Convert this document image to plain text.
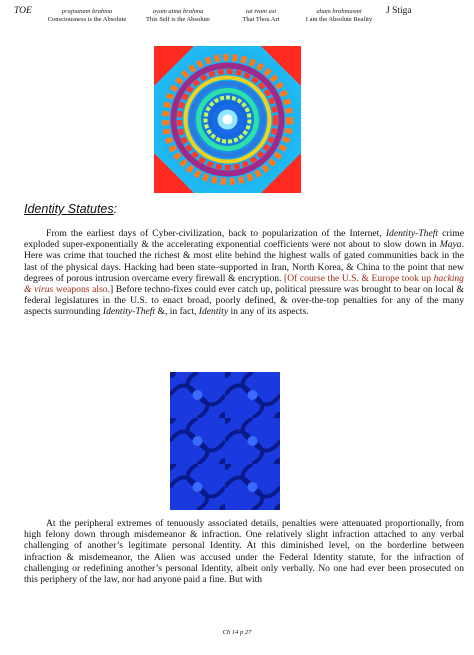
TOE	prajnanam brahma
Consciousness is the Absolute
ayam atma brahma
This Self is the Absolute
tat tvam asi
That Thou Art
aham brahmasmi
I am the Absolute Reality
J Stiga
Identity Statutes:

From the earliest days of Cyber-civilization, back to popularization of the Internet, Identity-Theft crime exploded super-exponentially & the accelerating exponential coefficients were not about to slow down in Maya. Here was crime that touched the richest & most elite behind the highest walls of gated communities back in the last of the physical days. Hacking had been state–supported in Iran, North Korea, & China to the point that new degrees of porous intrusion overcame every firewall & encryption. [Of course the U.S. & Europe took up hacking & virus weapons also.] Before techno-fixes could ever catch up, political pressure was brought to bear on local & federal legislatures in the U.S. to enact broad, poorly defined, & over-the-top penalties for any of the many aspects surrounding Identity-Theft &, in fact, Identity in any of its aspects.

At the peripheral extremes of tenuously associated details, penalties were attenuated proportionally, from high felony down through misdemeanor & infraction. One relatively slight infraction attached to any verbal challenging of another’s legitimate personal Identity. At this diminished level, on the borderline between infraction & misdemeanor, the Alien was accused under the Federal Identity statute, for the infraction of challenging or redefining another’s personal Identity, albeit only verbally. No one had ever been prosecuted on this periphery of the law, nor had anyone paid a fine. But with

Ch 14 p 27
